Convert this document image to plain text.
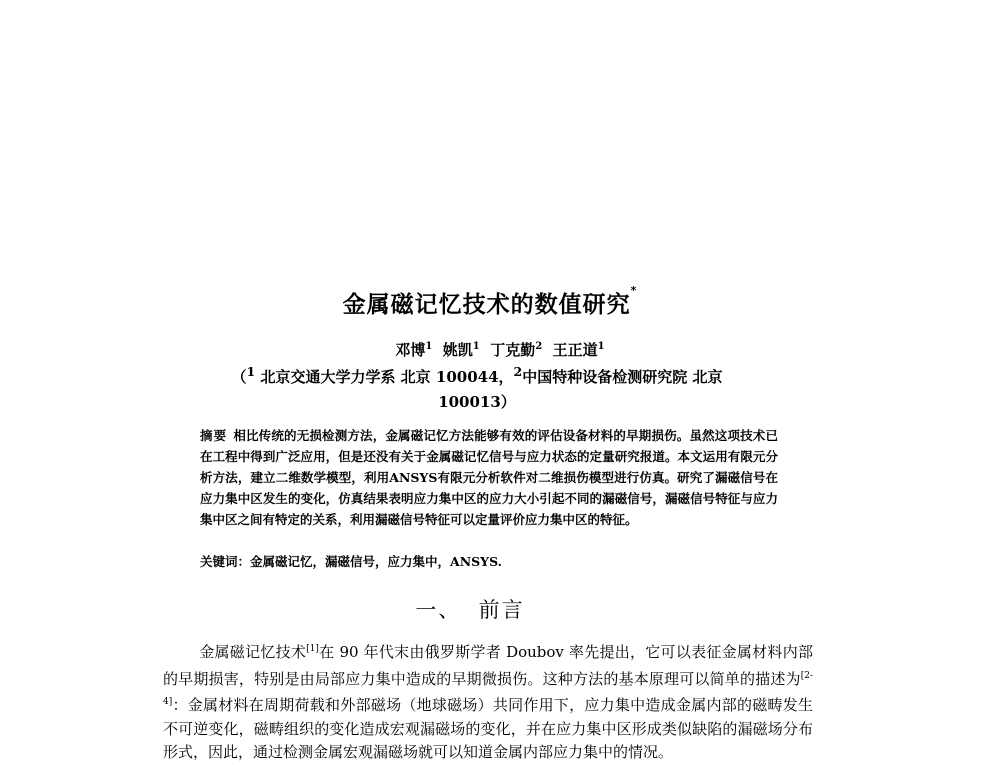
金属磁记忆技术的数值研究*
邓博$^1$ 姚凯$^1$ 丁克勤$^2$ 王正道$^1$
（$^1$ 北京交通大学力学系 北京 100044，$^2$中国特种设备检测研究院 北京
100013）
摘要 相比传统的无损检测方法，金属磁记忆方法能够有效的评估设备材料的早期损伤。虽然这项技术已在工程中得到广泛应用，但是还没有关于金属磁记忆信号与应力状态的定量研究报道。本文运用有限元分析方法，建立二维数学模型，利用ANSYS有限元分析软件对二维损伤模型进行仿真。研究了漏磁信号在应力集中区发生的变化，仿真结果表明应力集中区的应力大小引起不同的漏磁信号，漏磁信号特征与应力集中区之间有特定的关系，利用漏磁信号特征可以定量评价应力集中区的特征。
关键词：金属磁记忆，漏磁信号，应力集中，ANSYS.
一、 前言
金属磁记忆技术[1]在 90 年代末由俄罗斯学者 Doubov 率先提出，它可以表征金属材料内部的早期损害，特别是由局部应力集中造成的早期微损伤。这种方法的基本原理可以简单的描述为[2-4]：金属材料在周期荷载和外部磁场（地球磁场）共同作用下，应力集中造成金属内部的磁畴发生不可逆变化，磁畴组织的变化造成宏观漏磁场的变化，并在应力集中区形成类似缺陷的漏磁场分布形式，因此，通过检测金属宏观漏磁场就可以知道金属内部应力集中的情况。
